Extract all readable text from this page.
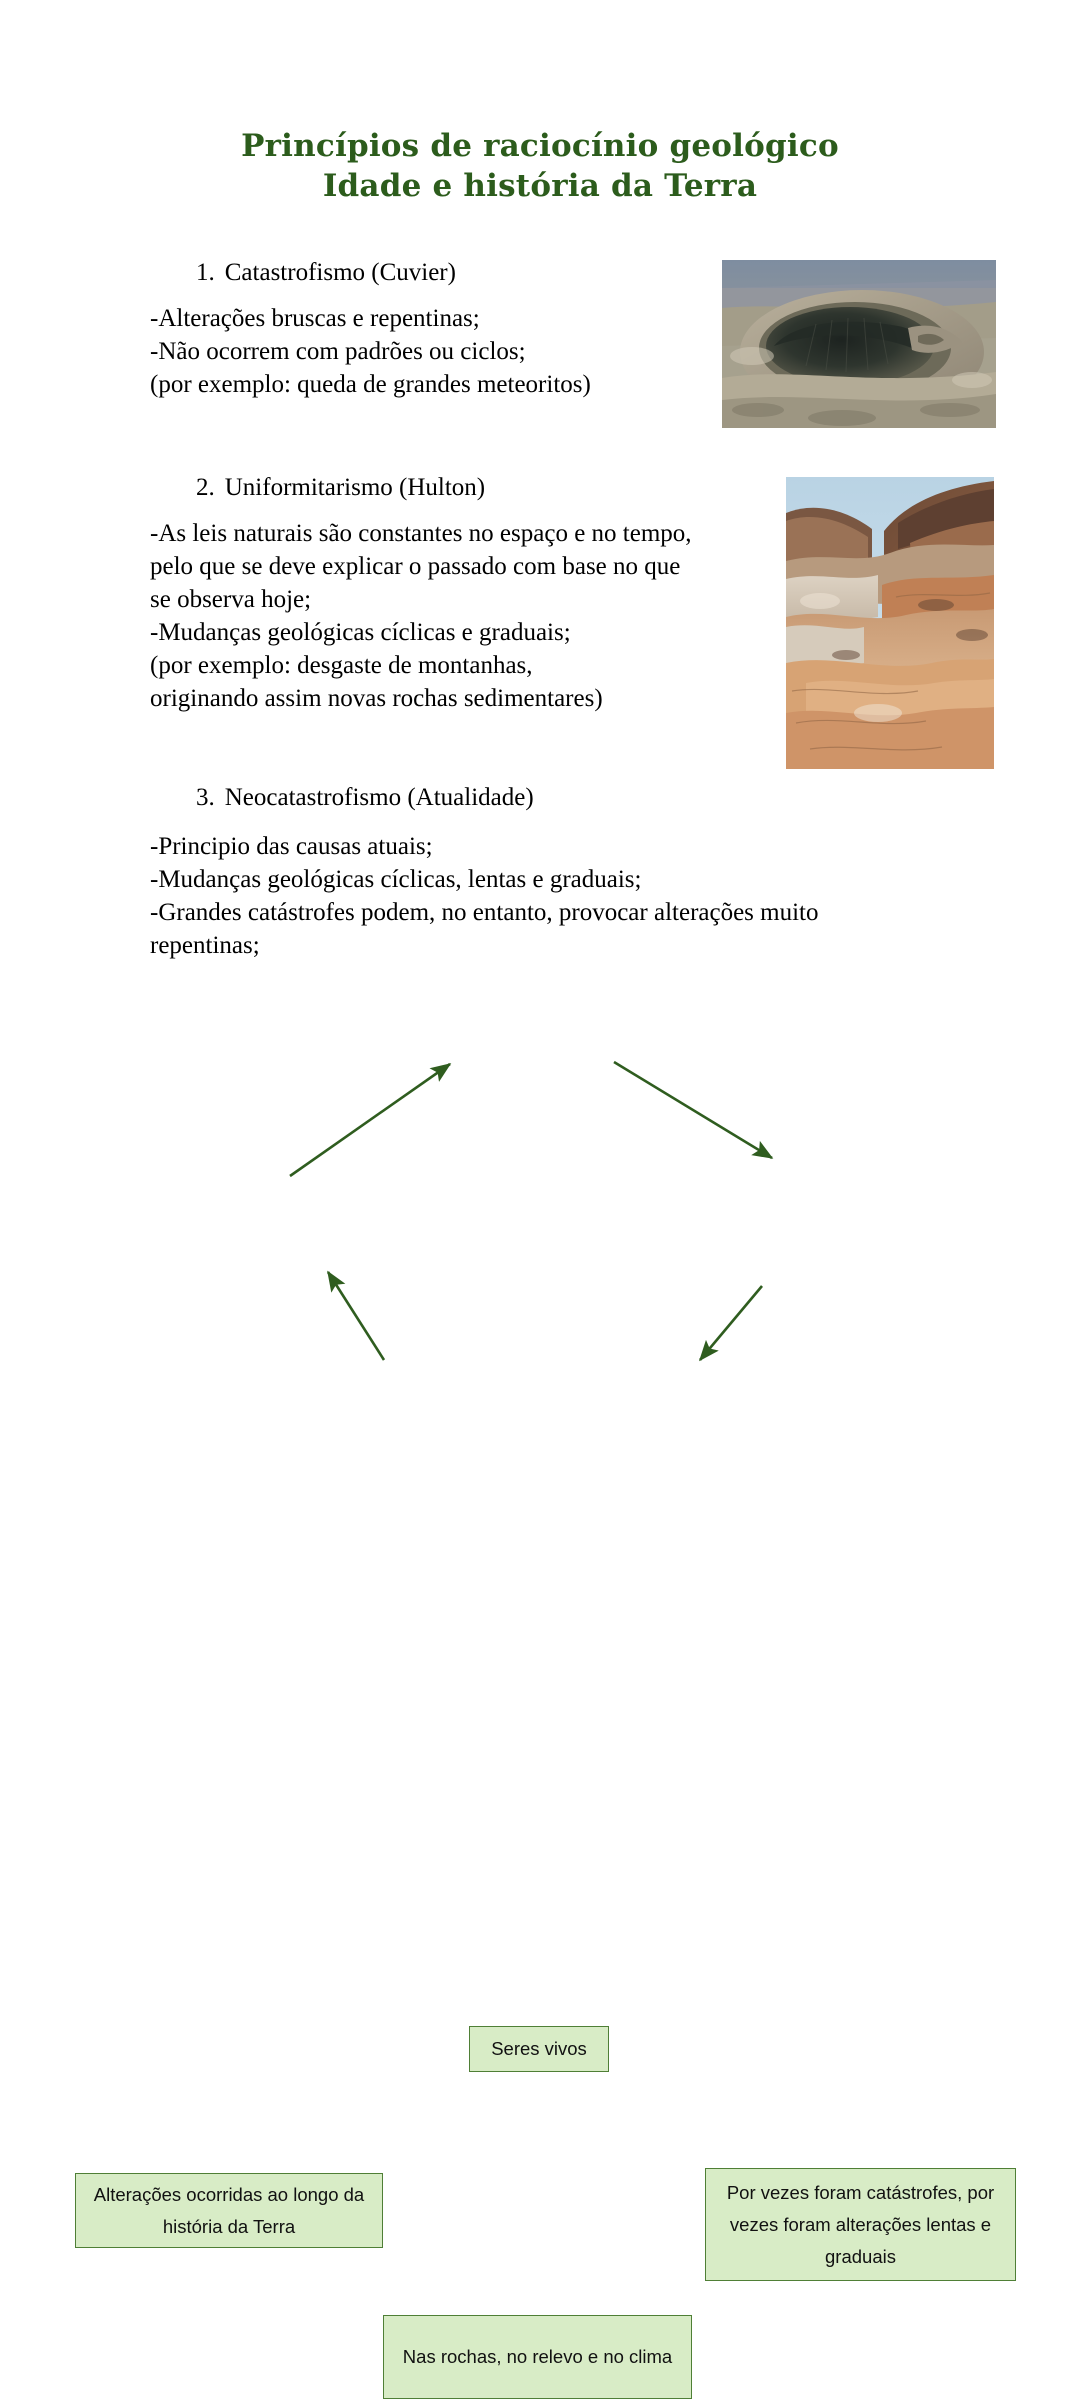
Princípios de raciocínio geológico
Idade e história da Terra
1. Catastrofismo (Cuvier)
-Alterações bruscas e repentinas;
-Não ocorrem com padrões ou ciclos;
(por exemplo: queda de grandes meteoritos)
2. Uniformitarismo (Hulton)
-As leis naturais são constantes no espaço e no tempo,
pelo que se deve explicar o passado com base no que
se observa hoje;
-Mudanças geológicas cíclicas e graduais;
(por exemplo: desgaste de montanhas,
originando assim novas rochas sedimentares)
3. Neocatastrofismo (Atualidade)
-Principio das causas atuais;
-Mudanças geológicas cíclicas, lentas e graduais;
-Grandes catástrofes podem, no entanto, provocar alterações muito
repentinas;
Seres vivos
Por vezes foram catástrofes, por vezes foram alterações lentas e graduais
Nas rochas, no relevo e no clima
Alterações ocorridas ao longo da história da Terra
